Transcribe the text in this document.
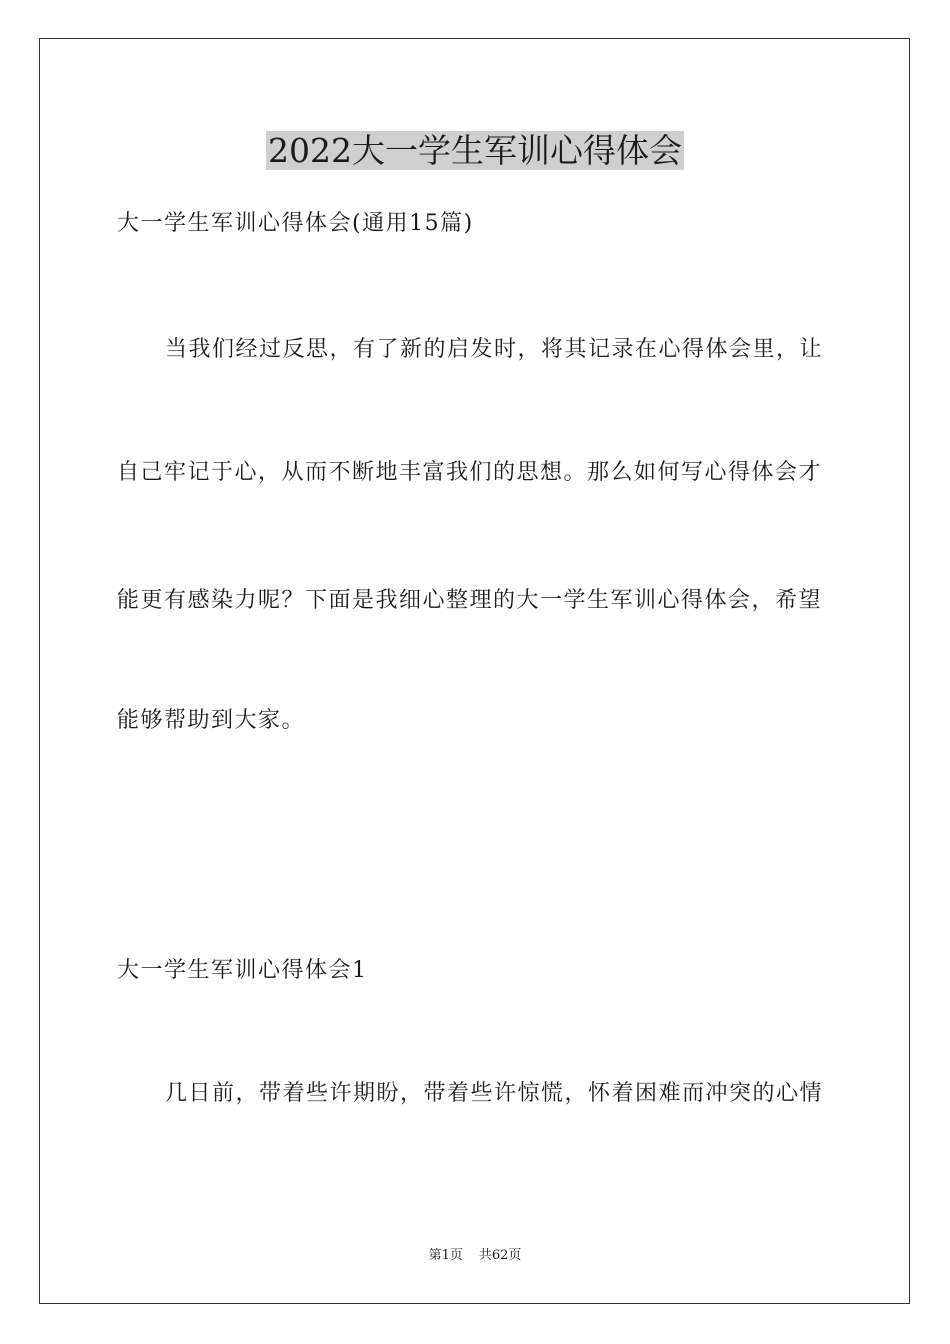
2022大一学生军训心得体会

大一学生军训心得体会(通用15篇)

当我们经过反思，有了新的启发时，将其记录在心得体会里，让

自己牢记于心，从而不断地丰富我们的思想。那么如何写心得体会才

能更有感染力呢？下面是我细心整理的大一学生军训心得体会，希望

能够帮助到大家。

大一学生军训心得体会1

几日前，带着些许期盼，带着些许惊慌，怀着困难而冲突的心情

第1页 共62页
